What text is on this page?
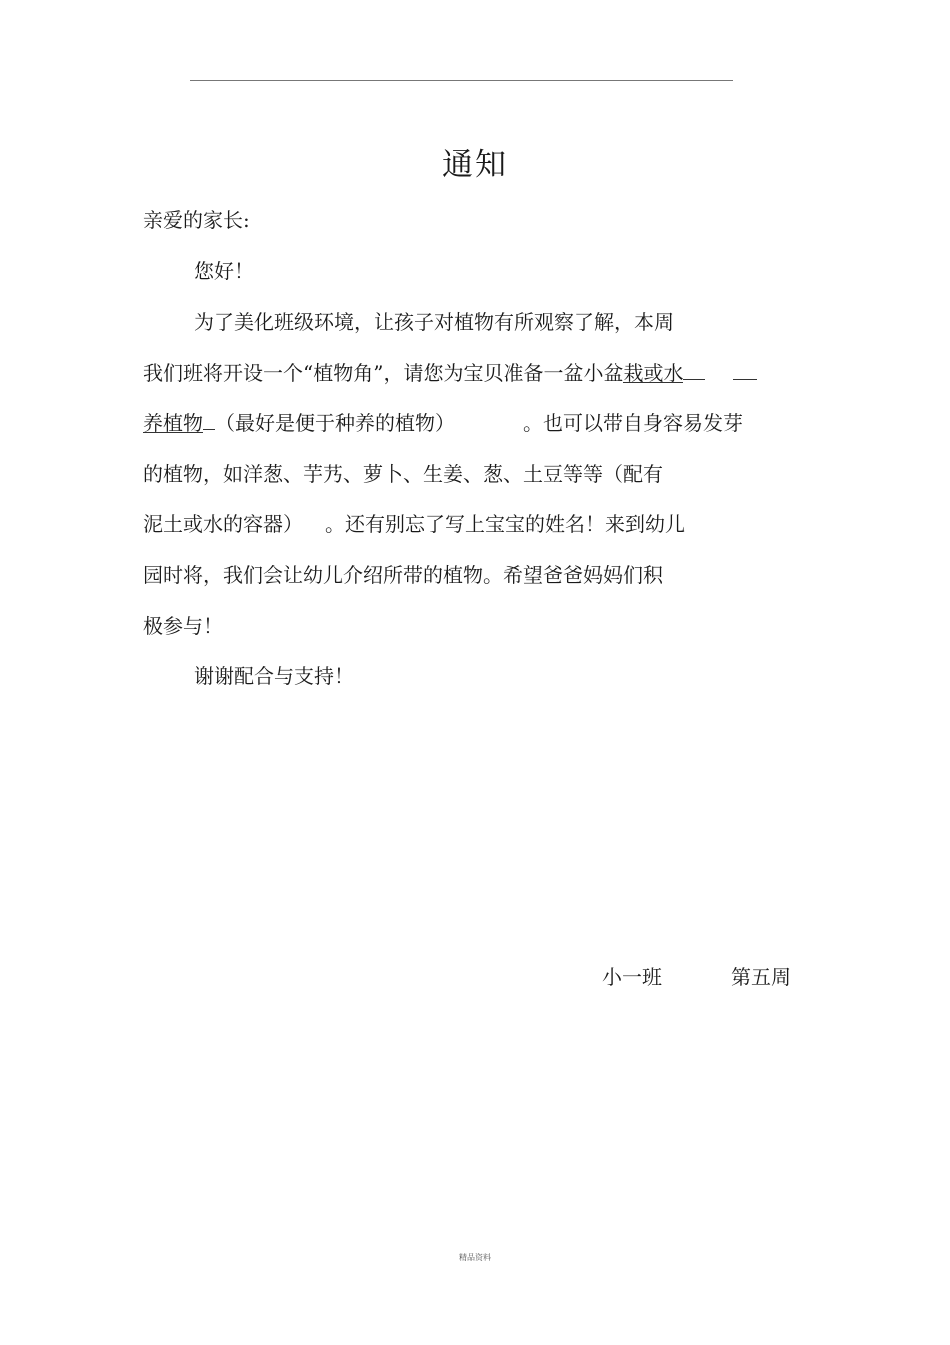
通知
亲爱的家长:
您好！
为了美化班级环境，让孩子对植物有所观察了解，本周
我们班将开设一个“植物角”，请您为宝贝准备一盆小盆栽或水
养植物 （最好是便于种养的植物）	。也可以带自身容易发芽
的植物，如洋葱、芋艿、萝卜、生姜、葱、土豆等等（配有
泥土或水的容器） 。还有别忘了写上宝宝的姓名！来到幼儿
园时将，我们会让幼儿介绍所带的植物。希望爸爸妈妈们积
极参与！
谢谢配合与支持！
小一班	第五周
精品资料
